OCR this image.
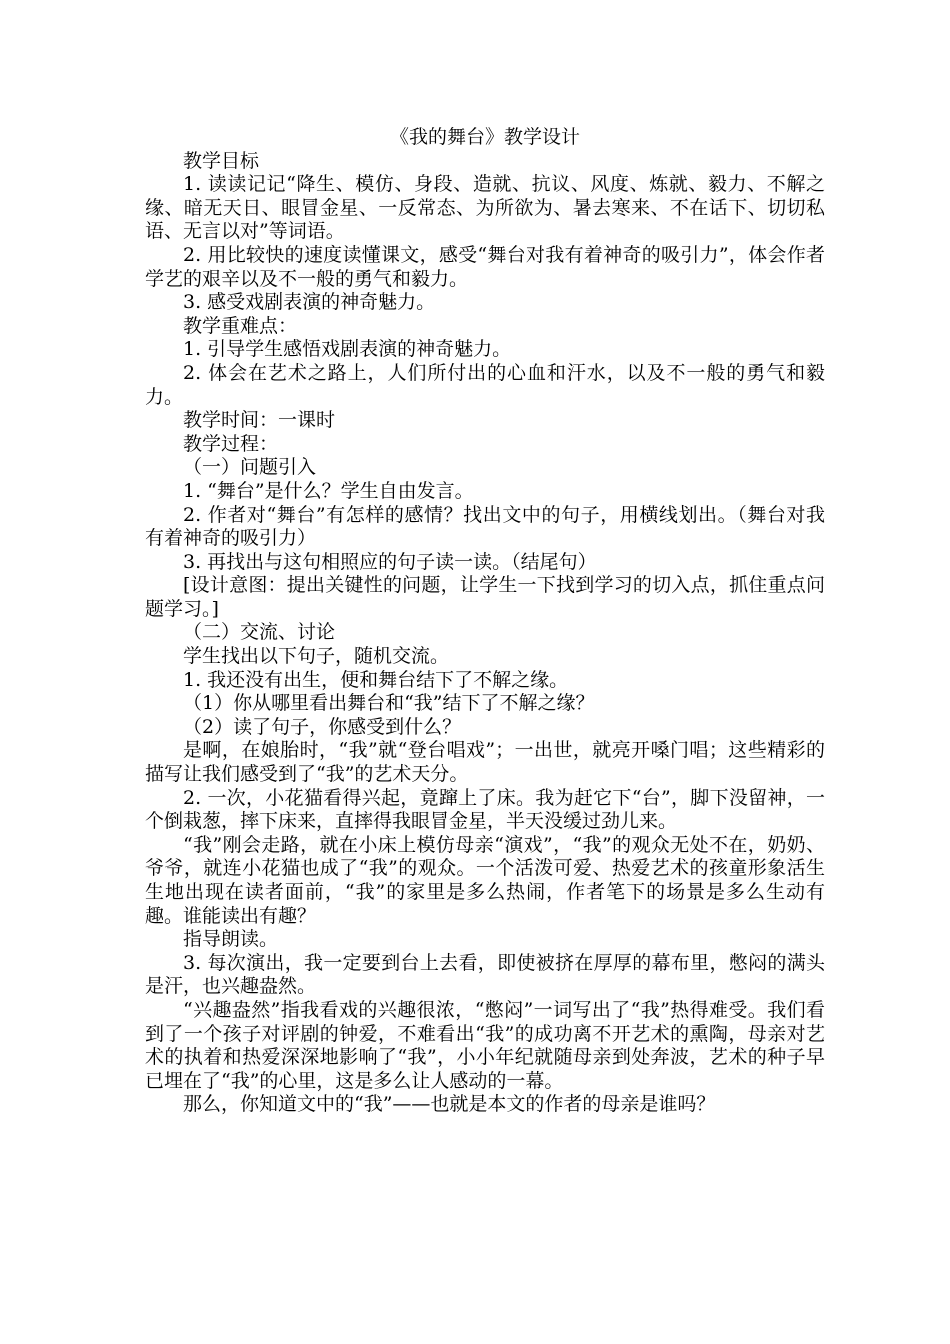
《我的舞台》教学设计

教学目标

1. 读读记记“降生、模仿、身段、造就、抗议、风度、炼就、毅力、不解之缘、暗无天日、眼冒金星、一反常态、为所欲为、暑去寒来、不在话下、切切私语、无言以对”等词语。

2. 用比较快的速度读懂课文，感受“舞台对我有着神奇的吸引力”，体会作者学艺的艰辛以及不一般的勇气和毅力。

3. 感受戏剧表演的神奇魅力。

教学重难点：

1. 引导学生感悟戏剧表演的神奇魅力。

2. 体会在艺术之路上，人们所付出的心血和汗水，以及不一般的勇气和毅力。

教学时间：一课时

教学过程：

（一）问题引入

1. “舞台”是什么？学生自由发言。

2. 作者对“舞台”有怎样的感情？找出文中的句子，用横线划出。（舞台对我有着神奇的吸引力）

3. 再找出与这句相照应的句子读一读。（结尾句）

[设计意图：提出关键性的问题，让学生一下找到学习的切入点，抓住重点问题学习。]

（二）交流、讨论

学生找出以下句子，随机交流。

1. 我还没有出生，便和舞台结下了不解之缘。

（1）你从哪里看出舞台和“我”结下了不解之缘？

（2）读了句子，你感受到什么？

是啊，在娘胎时，“我”就“登台唱戏”；一出世，就亮开嗓门唱；这些精彩的描写让我们感受到了“我”的艺术天分。

2. 一次，小花猫看得兴起，竟蹿上了床。我为赶它下“台”，脚下没留神，一个倒栽葱，摔下床来，直摔得我眼冒金星，半天没缓过劲儿来。

“我”刚会走路，就在小床上模仿母亲“演戏”，“我”的观众无处不在，奶奶、爷爷，就连小花猫也成了“我”的观众。一个活泼可爱、热爱艺术的孩童形象活生生地出现在读者面前，“我”的家里是多么热闹，作者笔下的场景是多么生动有趣。谁能读出有趣？

指导朗读。

3. 每次演出，我一定要到台上去看，即使被挤在厚厚的幕布里，憋闷的满头是汗，也兴趣盎然。

“兴趣盎然”指我看戏的兴趣很浓，“憋闷”一词写出了“我”热得难受。我们看到了一个孩子对评剧的钟爱，不难看出“我”的成功离不开艺术的熏陶，母亲对艺术的执着和热爱深深地影响了“我”，小小年纪就随母亲到处奔波，艺术的种子早已埋在了“我”的心里，这是多么让人感动的一幕。

那么，你知道文中的“我”——也就是本文的作者的母亲是谁吗？
